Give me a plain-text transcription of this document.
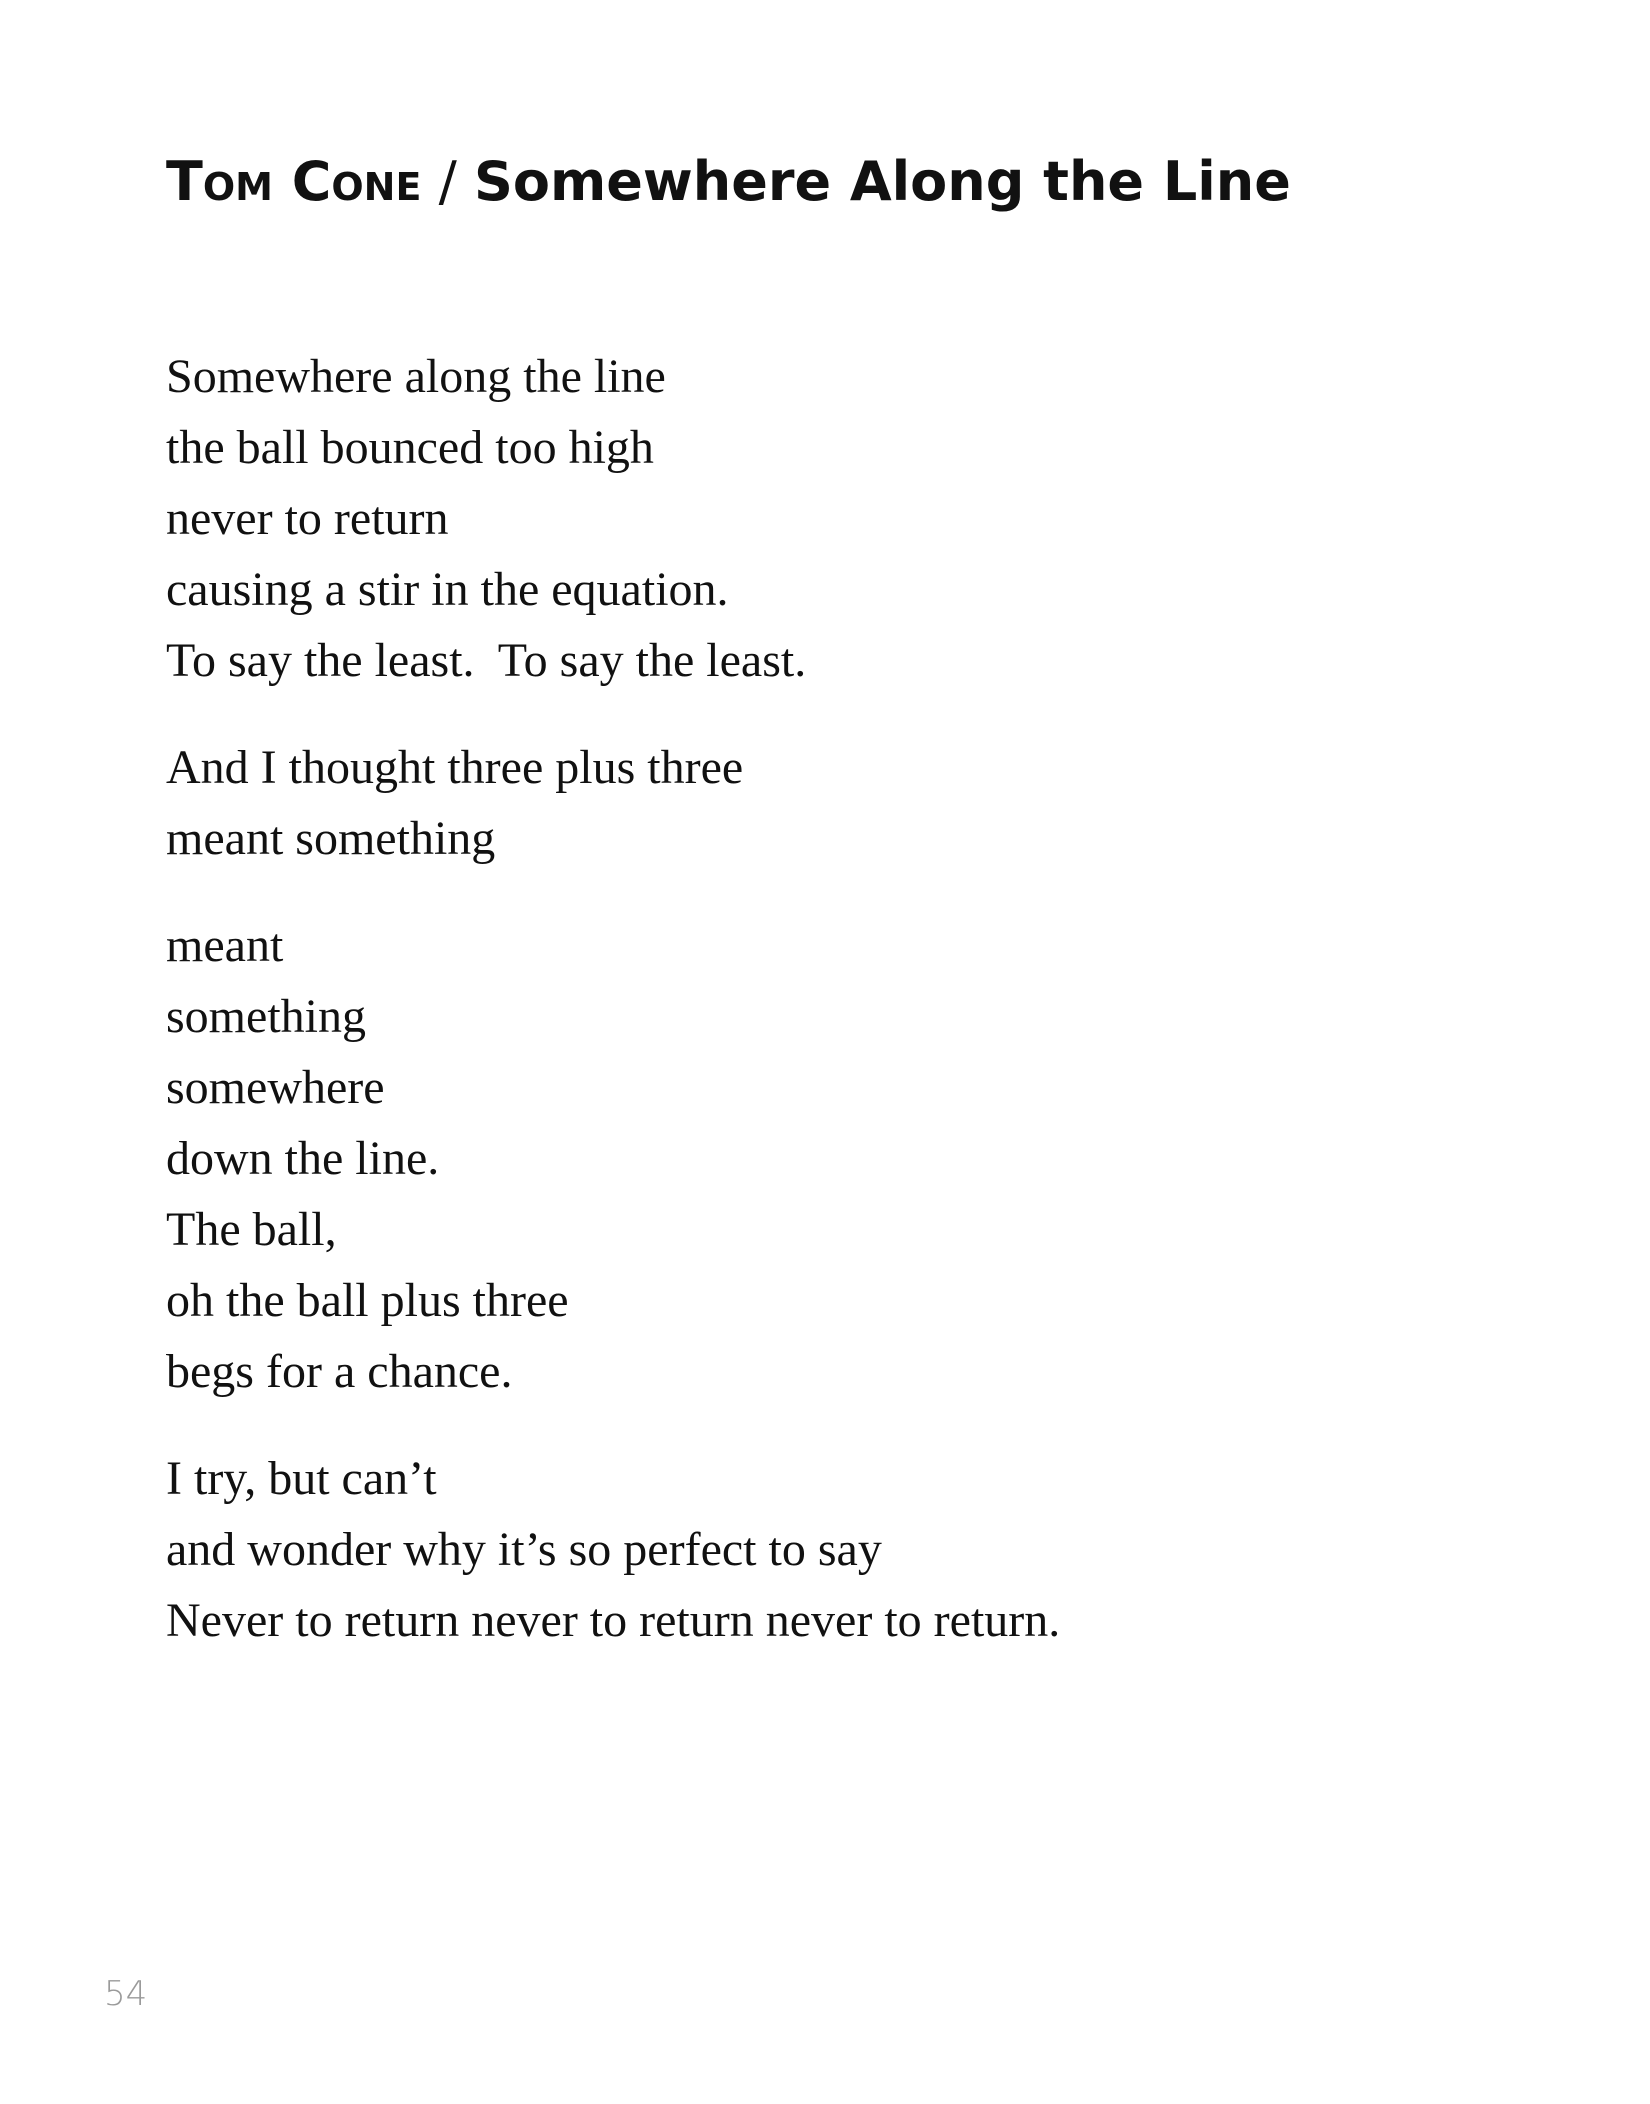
Tom Cone / Somewhere Along the Line
Somewhere along the line
the ball bounced too high
never to return
causing a stir in the equation.
To say the least.  To say the least.
And I thought three plus three
meant something
meant
something
somewhere
down the line.
The ball,
oh the ball plus three
begs for a chance.
I try, but can’t
and wonder why it’s so perfect to say
Never to return never to return never to return.
54
